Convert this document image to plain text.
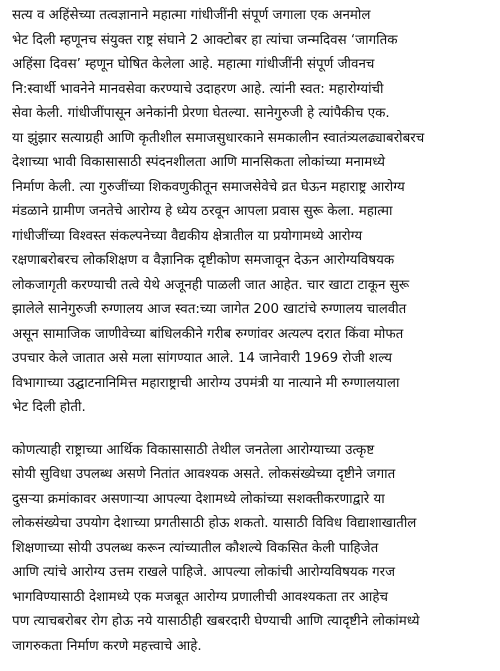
सत्य व अहिंसेच्या तत्वज्ञानाने महात्मा गांधीजींनी संपूर्ण जगाला एक अनमोल
भेट दिली म्हणूनच संयुक्त राष्ट्र संघाने 2 आक्टोबर हा त्यांचा जन्मदिवस ‘जागतिक
अहिंसा दिवस’ म्हणून घोषित केलेला आहे. महात्मा गांधीजींनी संपूर्ण जीवनच
नि:स्वार्थी भावनेने मानवसेवा करण्याचे उदाहरण आहे. त्यांनी स्वत: महारोग्यांची
सेवा केली. गांधीजींपासून अनेकांनी प्रेरणा घेतल्या. सानेगुरुजी हे त्यांपैकीच एक.
या झुंझार सत्याग्रही आणि कृतीशील समाजसुधारकाने समकालीन स्वातंत्र्यलढ्याबरोबरच
देशाच्या भावी विकासासाठी स्पंदनशीलता आणि मानसिकता लोकांच्या मनामध्ये
निर्माण केली. त्या गुरुजींच्या शिकवणुकीतून समाजसेवेचे व्रत घेऊन महाराष्ट्र आरोग्य
मंडळाने ग्रामीण जनतेचे आरोग्य हे ध्येय ठरवून आपला प्रवास सुरू केला. महात्मा
गांधीजींच्या विश्वस्त संकल्पनेच्या वैद्यकीय क्षेत्रातील या प्रयोगामध्ये आरोग्य
रक्षणाबरोबरच लोकशिक्षण व वैज्ञानिक दृष्टीकोण समजावून देऊन आरोग्यविषयक
लोकजागृती करण्याची तत्वे येथे अजूनही पाळली जात आहेत. चार खाटा टाकून सुरू
झालेले सानेगुरुजी रुग्णालय आज स्वत:च्या जागेत 200 खाटांचे रुग्णालय चालवीत
असून सामाजिक जाणीवेच्या बांधिलकीने गरीब रुग्णांवर अत्यल्प दरात किंवा मोफत
उपचार केले जातात असे मला सांगण्यात आले. 14 जानेवारी 1969 रोजी शल्य
विभागाच्या उद्घाटनानिमित्त महाराष्ट्राची आरोग्य उपमंत्री या नात्याने मी रुग्णालयाला
भेट दिली होती.

कोणत्याही राष्ट्राच्या आर्थिक विकासासाठी तेथील जनतेला आरोग्याच्या उत्कृष्ट
सोयी सुविधा उपलब्ध असणे नितांत आवश्यक असते. लोकसंख्येच्या दृष्टीने जगात
दुसऱ्या क्रमांकावर असणाऱ्या आपल्या देशामध्ये लोकांच्या सशक्तीकरणाद्वारे या
लोकसंख्येचा उपयोग देशाच्या प्रगतीसाठी होऊ शकतो. यासाठी विविध विद्याशाखातील
शिक्षणाच्या सोयी उपलब्ध करून त्यांच्यातील कौशल्ये विकसित केली पाहिजेत
आणि त्यांचे आरोग्य उत्तम राखले पाहिजे. आपल्या लोकांची आरोग्यविषयक गरज
भागविण्यासाठी देशामध्ये एक मजबूत आरोग्य प्रणालीची आवश्यकता तर आहेच
पण त्याचबरोबर रोग होऊ नये यासाठीही खबरदारी घेण्याची आणि त्यादृष्टीने लोकांमध्ये
जागरुकता निर्माण करणे महत्त्वाचे आहे.
